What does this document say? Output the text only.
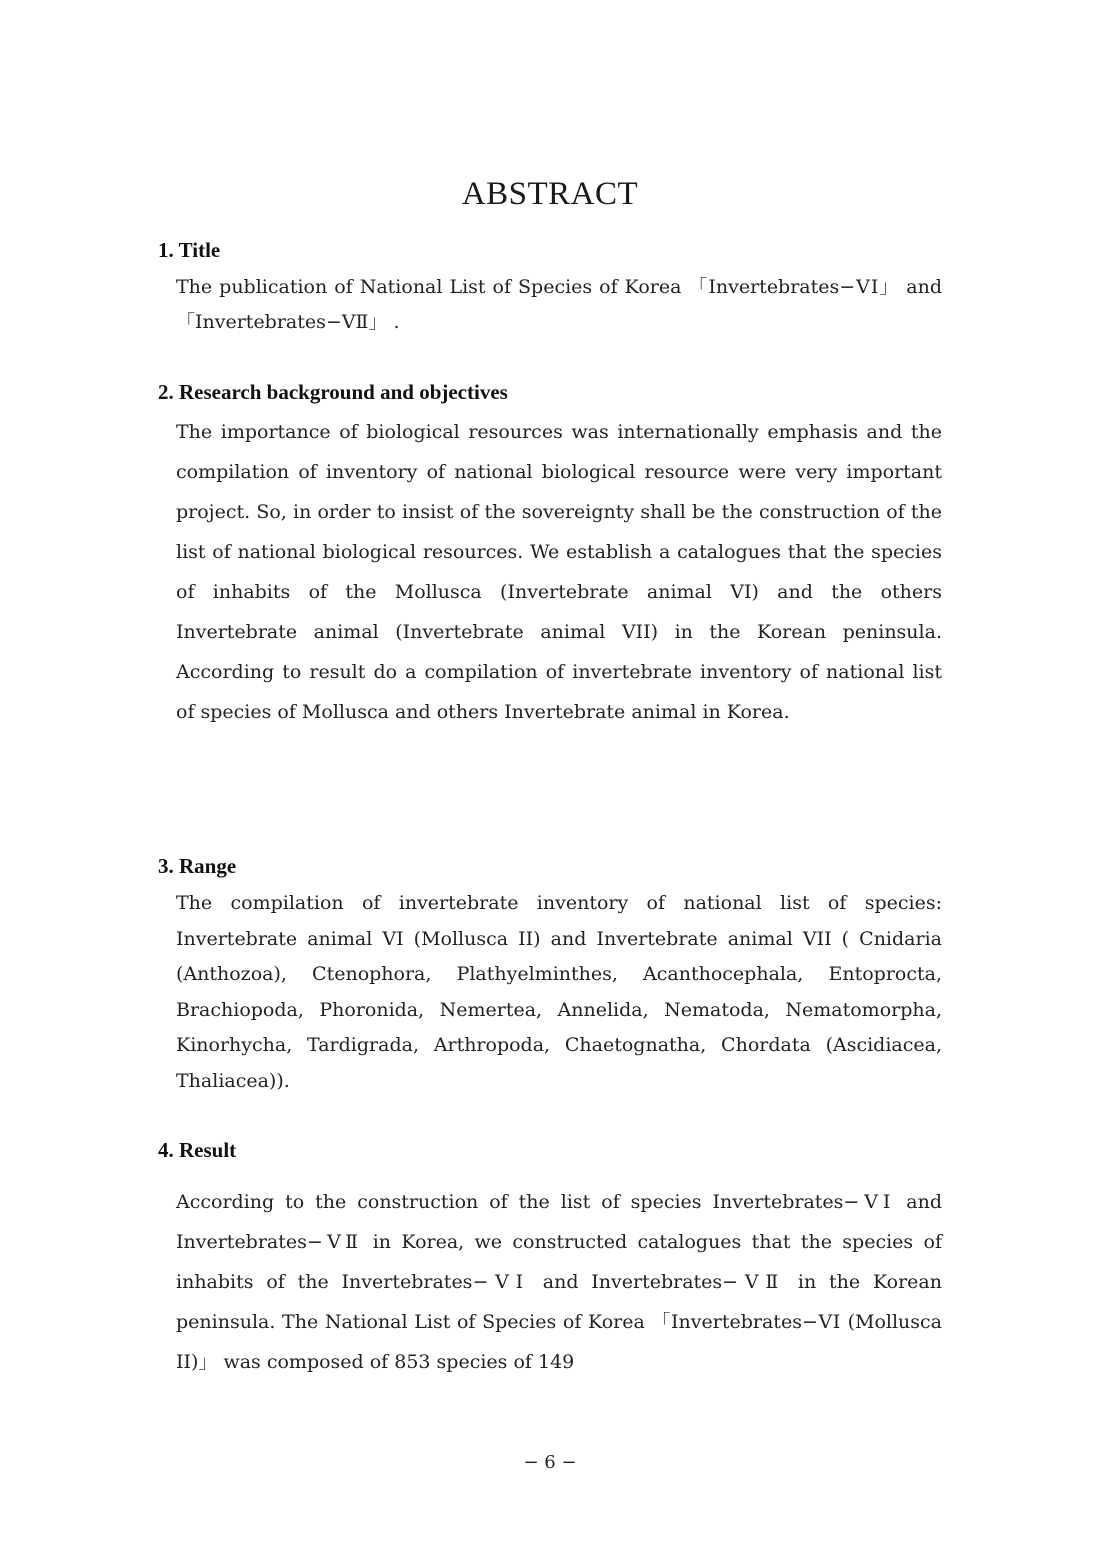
ABSTRACT
1. Title

The publication of National List of Species of Korea 「Invertebrates−ⅤⅠ」 and 「Invertebrates−ⅤⅡ」 .

2. Research background and objectives

The importance of biological resources was internationally emphasis and the compilation of inventory of national biological resource were very important project. So, in order to insist of the sovereignty shall be the construction of the list of national biological resources. We establish a catalogues that the species of inhabits of the Mollusca (Invertebrate animal VI) and the others Invertebrate animal (Invertebrate animal VII) in the Korean peninsula. According to result do a compilation of invertebrate inventory of national list of species of Mollusca and others Invertebrate animal in Korea.

3. Range

The compilation of invertebrate inventory of national list of species: Invertebrate animal VI (Mollusca II) and Invertebrate animal VII ( Cnidaria (Anthozoa), Ctenophora, Plathyelminthes, Acanthocephala, Entoproctа, Brachiopoda, Phoronida, Nemertea, Annelida, Nematoda, Nematomorpha, Kinorhycha, Tardigrada, Arthropoda, Chaetognatha, Chordata (Ascidiacea, Thaliacea)).

4. Result

According to the construction of the list of species Invertebrates−ⅤⅠ and Invertebrates−ⅤⅡ in Korea, we constructed catalogues that the species of inhabits of the Invertebrates−ⅤⅠ and Invertebrates−ⅤⅡ in the Korean peninsula. The National List of Species of Korea 「Invertebrates−ⅤⅠ (Mollusca II)」 was composed of 853 species of 149

− 6 −
